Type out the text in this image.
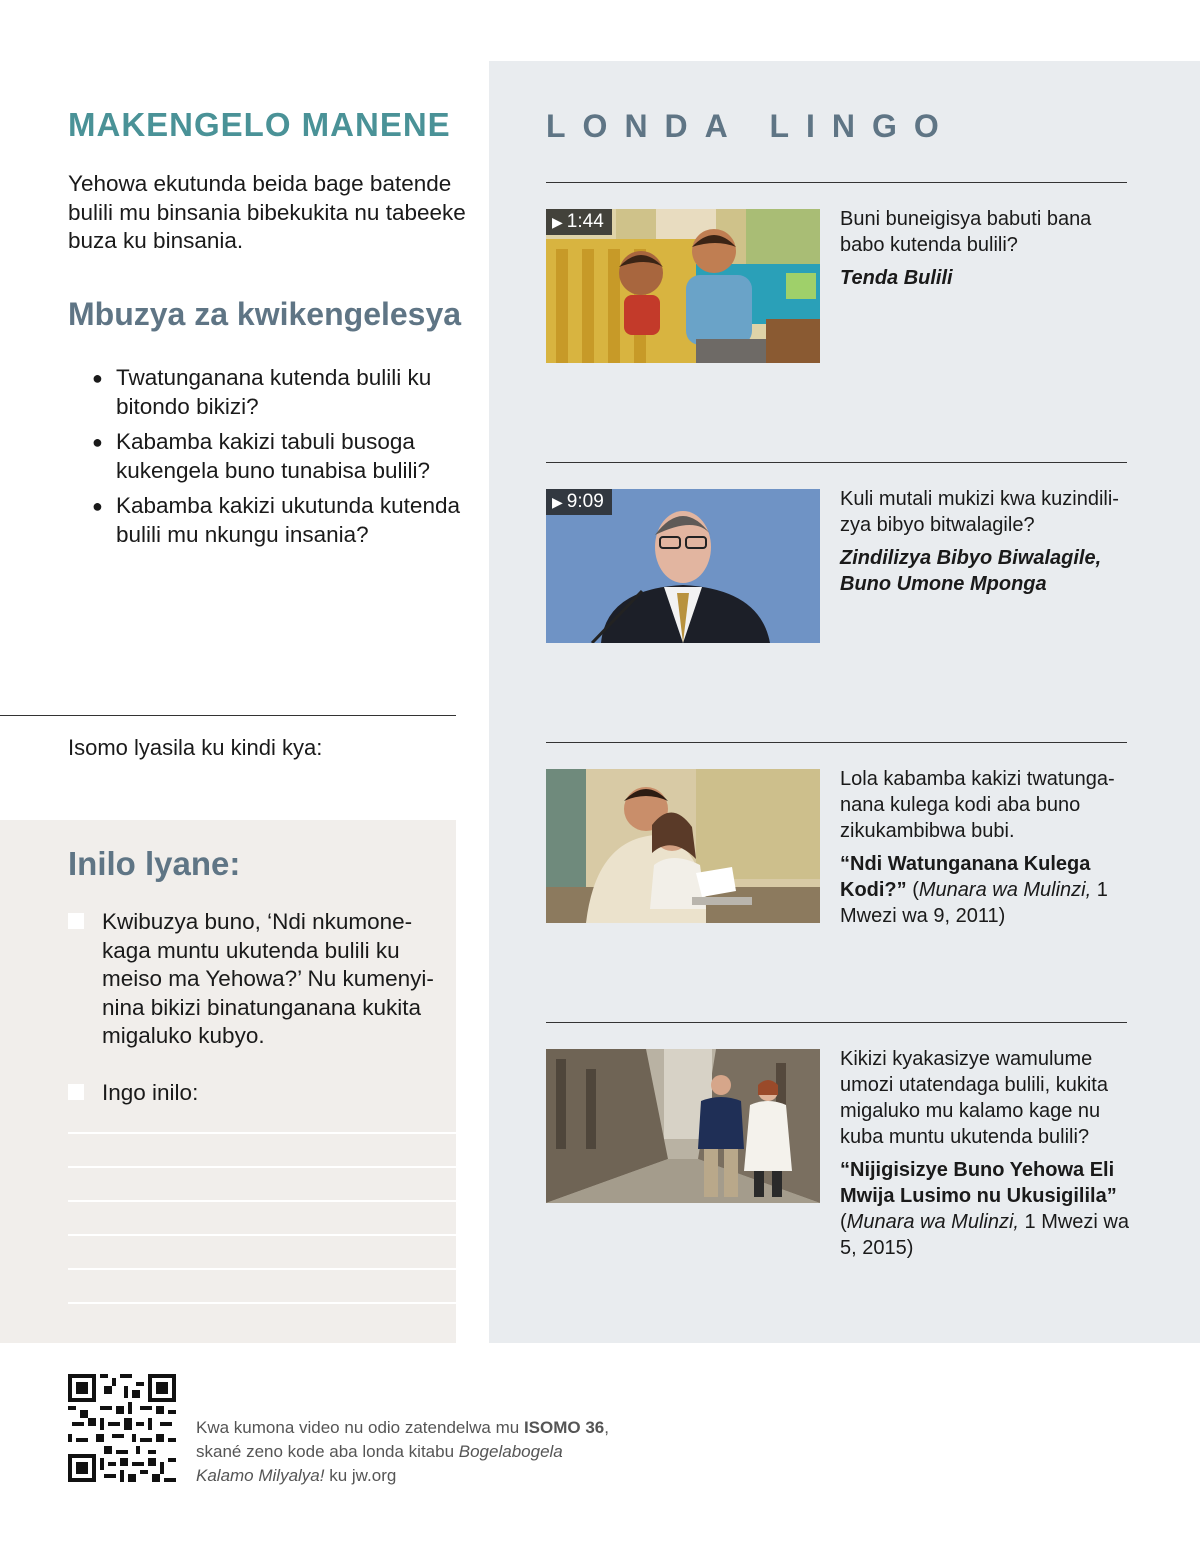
MAKENGELO MANENE

Yehowa ekutunda beida bage batende bulili mu binsania bibekukita nu tabeeke buza ku binsania.

Mbuzya za kwikengelesya
● Twatunganana kutenda bulili ku bitondo bikizi?
● Kabamba kakizi tabuli busoga kukengela buno tunabisa bulili?
● Kabamba kakizi ukutunda kutenda bulili mu nkungu insania?
Isomo lyasila ku kindi kya:
Inilo lyane:
Kwibuzya buno, ‘Ndi nkumone-kaga muntu ukutenda bulili ku meiso ma Yehowa?’ Nu kumenyi-nina bikizi binatunganana kukita migaluko kubyo.
Ingo inilo:
LONDA LINGO
▶ 1:44	Buni buneigisya babuti bana babo kutenda bulili?

Tenda Bulili

▶ 9:09	Kuli mutali mukizi kwa kuzindili-zya bibyo bitwalagile?

Zindilizya Bibyo Biwalagile, Buno Umone Mponga

Lola kabamba kakizi twatunga-nana kulega kodi aba buno zikukambibwa bubi.

“Ndi Watunganana Kulega Kodi?” (Munara wa Mulinzi, 1 Mwezi wa 9, 2011)

Kikizi kyakasizye wamulume umozi utatendaga bulili, kukita migaluko mu kalamo kage nu kuba muntu ukutenda bulili?

“Nijigisizye Buno Yehowa Eli Mwija Lusimo nu Ukusigilila”
(Munara wa Mulinzi, 1 Mwezi wa 5, 2015)

Kwa kumona video nu odio zatendelwa mu ISOMO 36, skané zeno kode aba londa kitabu Bogelabogela Kalamo Milyalya! ku jw.org
